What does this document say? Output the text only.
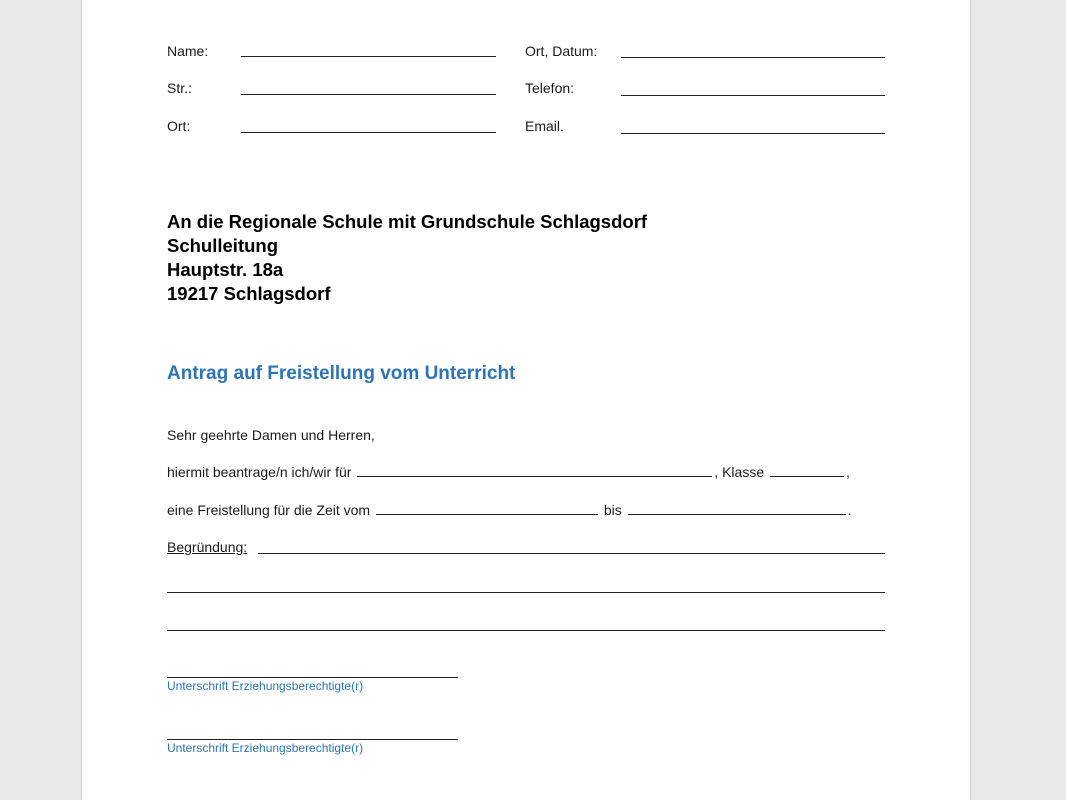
Name:
Str.:
Ort:
Ort, Datum:
Telefon:
Email.
An die Regionale Schule mit Grundschule Schlagsdorf
Schulleitung
Hauptstr. 18a
19217 Schlagsdorf
Antrag auf Freistellung vom Unterricht
Sehr geehrte Damen und Herren,
hiermit beantrage/n ich/wir für	, Klasse	,
eine Freistellung für die Zeit vom	bis	.
Begründung:
Unterschrift Erziehungsberechtigte(r)
Unterschrift Erziehungsberechtigte(r)
